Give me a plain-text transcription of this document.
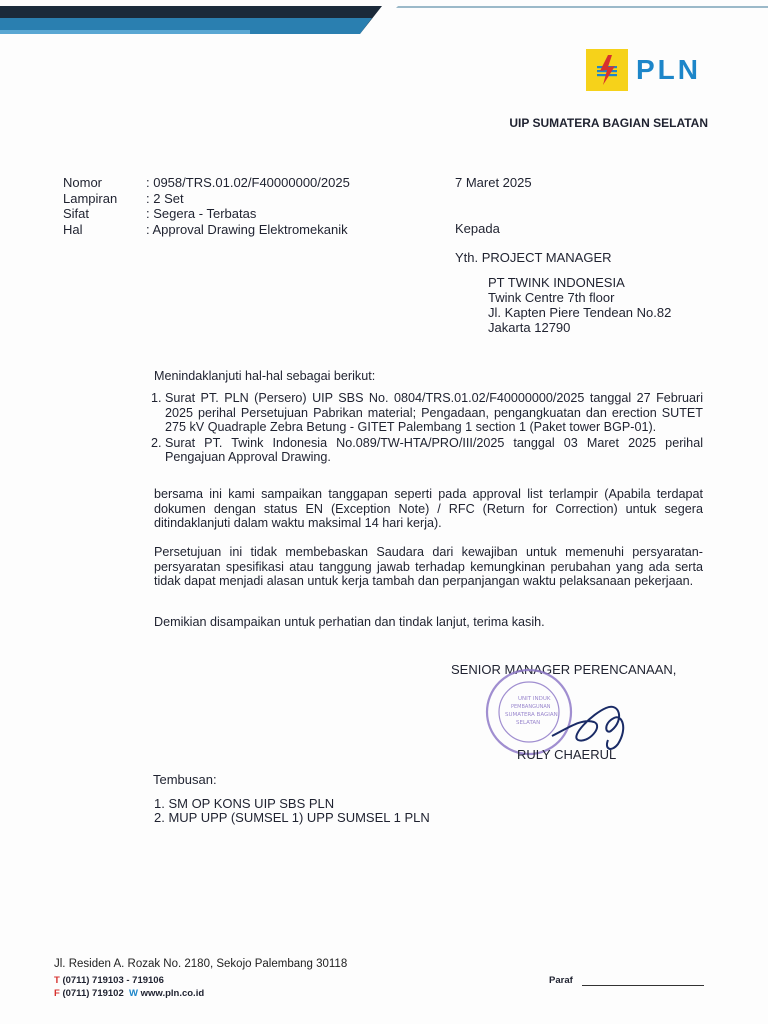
PLN
UIP SUMATERA BAGIAN SELATAN
Nomor	: 0958/TRS.01.02/F40000000/2025
Lampiran	: 2 Set
Sifat	: Segera - Terbatas
Hal	: Approval Drawing Elektromekanik
7 Maret 2025
Kepada
Yth. PROJECT MANAGER
PT TWINK INDONESIA
Twink Centre 7th floor
Jl. Kapten Piere Tendean No.82
Jakarta 12790
Menindaklanjuti hal-hal sebagai berikut:
1. Surat PT. PLN (Persero) UIP SBS No. 0804/TRS.01.02/F40000000/2025 tanggal 27 Februari 2025 perihal Persetujuan Pabrikan material; Pengadaan, pengangkuatan dan erection SUTET 275 kV Quadraple Zebra Betung - GITET Palembang 1 section 1 (Paket tower BGP-01).
2. Surat PT. Twink Indonesia No.089/TW-HTA/PRO/III/2025 tanggal 03 Maret 2025 perihal Pengajuan Approval Drawing.
bersama ini kami sampaikan tanggapan seperti pada approval list terlampir (Apabila terdapat dokumen dengan status EN (Exception Note) / RFC (Return for Correction) untuk segera ditindaklanjuti dalam waktu maksimal 14 hari kerja).
Persetujuan ini tidak membebaskan Saudara dari kewajiban untuk memenuhi persyaratan-persyaratan spesifikasi atau tanggung jawab terhadap kemungkinan perubahan yang ada serta tidak dapat menjadi alasan untuk kerja tambah dan perpanjangan waktu pelaksanaan pekerjaan.
Demikian disampaikan untuk perhatian dan tindak lanjut, terima kasih.
SENIOR MANAGER PERENCANAAN,
UNIT INDUK
PEMBANGUNAN
SUMATERA BAGIAN
SELATAN
RULY CHAERUL
Tembusan:
1. SM OP KONS UIP SBS PLN
2. MUP UPP (SUMSEL 1) UPP SUMSEL 1 PLN
Jl. Residen A. Rozak No. 2180, Sekojo Palembang 30118
T (0711) 719103 - 719106
F (0711) 719102 W www.pln.co.id
Paraf
